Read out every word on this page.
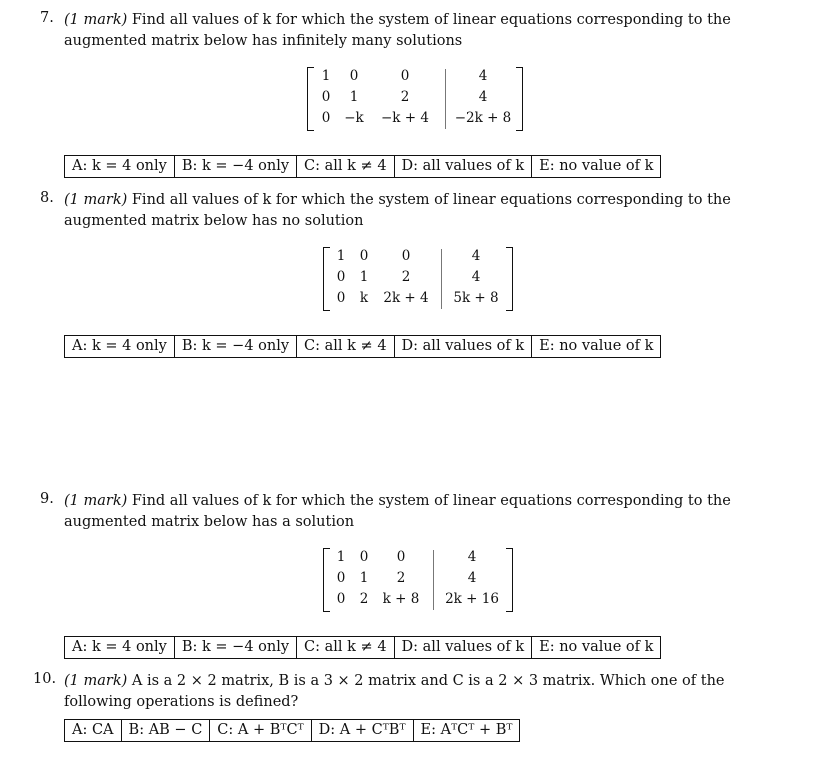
7. (1 mark) Find all values of k for which the system of linear equations corresponding to the
augmented matrix below has infinitely many solutions
1	0	0	4
0	1	2	4
0	−k	−k + 4	−2k + 8
A: k = 4 only	B: k = −4 only	C: all k ≠ 4	D: all values of k	E: no value of k
8. (1 mark) Find all values of k for which the system of linear equations corresponding to the
augmented matrix below has no solution
1	0	0	4
0	1	2	4
0	k	2k + 4	5k + 8
A: k = 4 only	B: k = −4 only	C: all k ≠ 4	D: all values of k	E: no value of k
9. (1 mark) Find all values of k for which the system of linear equations corresponding to the
augmented matrix below has a solution
1	0	0	4
0	1	2	4
0	2	k + 8	2k + 16
A: k = 4 only	B: k = −4 only	C: all k ≠ 4	D: all values of k	E: no value of k
10. (1 mark) A is a 2 × 2 matrix, B is a 3 × 2 matrix and C is a 2 × 3 matrix. Which one of the
following operations is defined?
A: CA	B: AB − C	C: A + BᵀCᵀ	D: A + CᵀBᵀ	E: AᵀCᵀ + Bᵀ
